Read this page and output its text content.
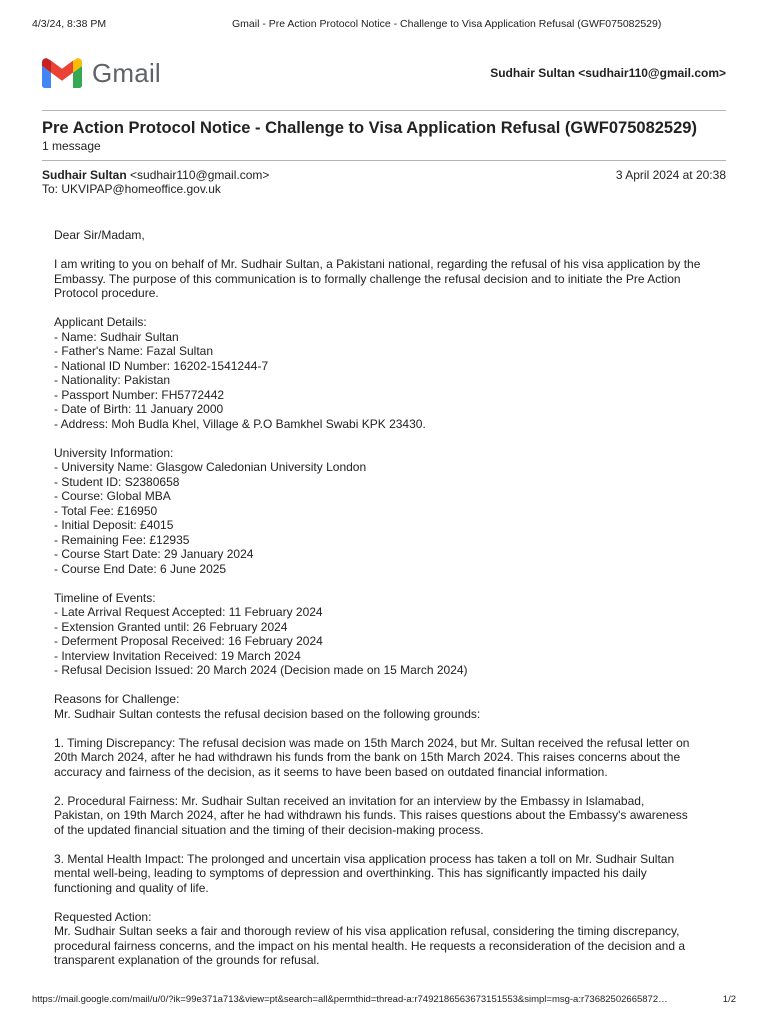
4/3/24, 8:38 PM	Gmail - Pre Action Protocol Notice - Challenge to Visa Application Refusal (GWF075082529)
Gmail	Sudhair Sultan <sudhair110@gmail.com>
Pre Action Protocol Notice - Challenge to Visa Application Refusal (GWF075082529)
1 message
Sudhair Sultan <sudhair110@gmail.com>	3 April 2024 at 20:38
To: UKVIPAP@homeoffice.gov.uk

Dear Sir/Madam,

I am writing to you on behalf of Mr. Sudhair Sultan, a Pakistani national, regarding the refusal of his visa application by the
Embassy. The purpose of this communication is to formally challenge the refusal decision and to initiate the Pre Action
Protocol procedure.

Applicant Details:
- Name: Sudhair Sultan
- Father's Name: Fazal Sultan
- National ID Number: 16202-1541244-7
- Nationality: Pakistan
- Passport Number: FH5772442
- Date of Birth: 11 January 2000
- Address: Moh Budla Khel, Village & P.O Bamkhel Swabi KPK 23430.

University Information:
- University Name: Glasgow Caledonian University London
- Student ID: S2380658
- Course: Global MBA
- Total Fee: £16950
- Initial Deposit: £4015
- Remaining Fee: £12935
- Course Start Date: 29 January 2024
- Course End Date: 6 June 2025

Timeline of Events:
- Late Arrival Request Accepted: 11 February 2024
- Extension Granted until: 26 February 2024
- Deferment Proposal Received: 16 February 2024
- Interview Invitation Received: 19 March 2024
- Refusal Decision Issued: 20 March 2024 (Decision made on 15 March 2024)

Reasons for Challenge:
Mr. Sudhair Sultan contests the refusal decision based on the following grounds:

1. Timing Discrepancy: The refusal decision was made on 15th March 2024, but Mr. Sultan received the refusal letter on
20th March 2024, after he had withdrawn his funds from the bank on 15th March 2024. This raises concerns about the
accuracy and fairness of the decision, as it seems to have been based on outdated financial information.

2. Procedural Fairness: Mr. Sudhair Sultan received an invitation for an interview by the Embassy in Islamabad,
Pakistan, on 19th March 2024, after he had withdrawn his funds. This raises questions about the Embassy's awareness
of the updated financial situation and the timing of their decision-making process.

3. Mental Health Impact: The prolonged and uncertain visa application process has taken a toll on Mr. Sudhair Sultan
mental well-being, leading to symptoms of depression and overthinking. This has significantly impacted his daily
functioning and quality of life.

Requested Action:
Mr. Sudhair Sultan seeks a fair and thorough review of his visa application refusal, considering the timing discrepancy,
procedural fairness concerns, and the impact on his mental health. He requests a reconsideration of the decision and a
transparent explanation of the grounds for refusal.

https://mail.google.com/mail/u/0/?ik=99e371a713&view=pt&search=all&permthid=thread-a:r7492186563673151553&simpl=msg-a:r73682502665872…	1/2
